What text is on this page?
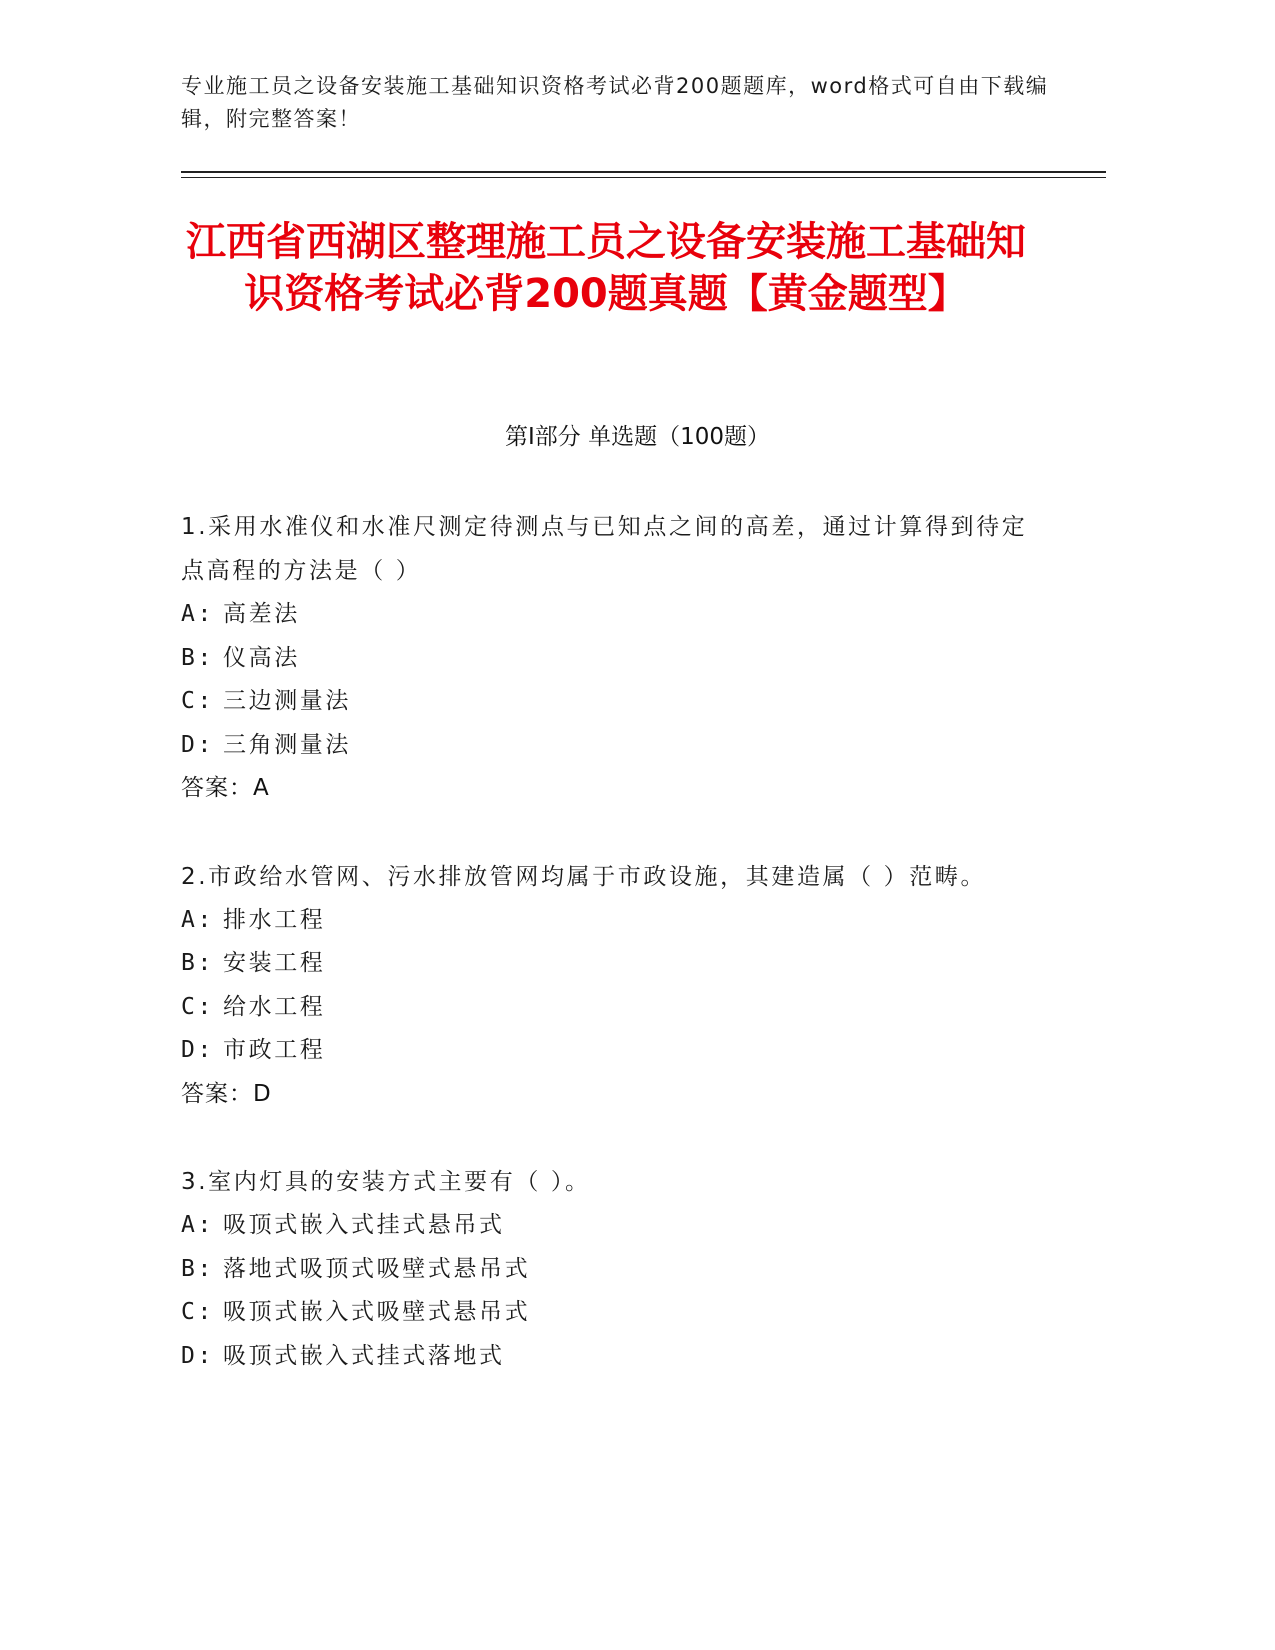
专业施工员之设备安装施工基础知识资格考试必背200题题库，word格式可自由下载编辑，附完整答案！
江西省西湖区整理施工员之设备安装施工基础知识资格考试必背200题真题【黄金题型】
第Ⅰ部分 单选题（100题）

1.采用水准仪和水准尺测定待测点与已知点之间的高差，通过计算得到待定点高程的方法是（ ）

A: 高差法

B: 仪高法

C: 三边测量法

D: 三角测量法

答案：A

2.市政给水管网、污水排放管网均属于市政设施，其建造属（ ）范畴。

A: 排水工程

B: 安装工程

C: 给水工程

D: 市政工程

答案：D

3.室内灯具的安装方式主要有（ ）。

A: 吸顶式嵌入式挂式悬吊式

B: 落地式吸顶式吸壁式悬吊式

C: 吸顶式嵌入式吸壁式悬吊式

D: 吸顶式嵌入式挂式落地式
